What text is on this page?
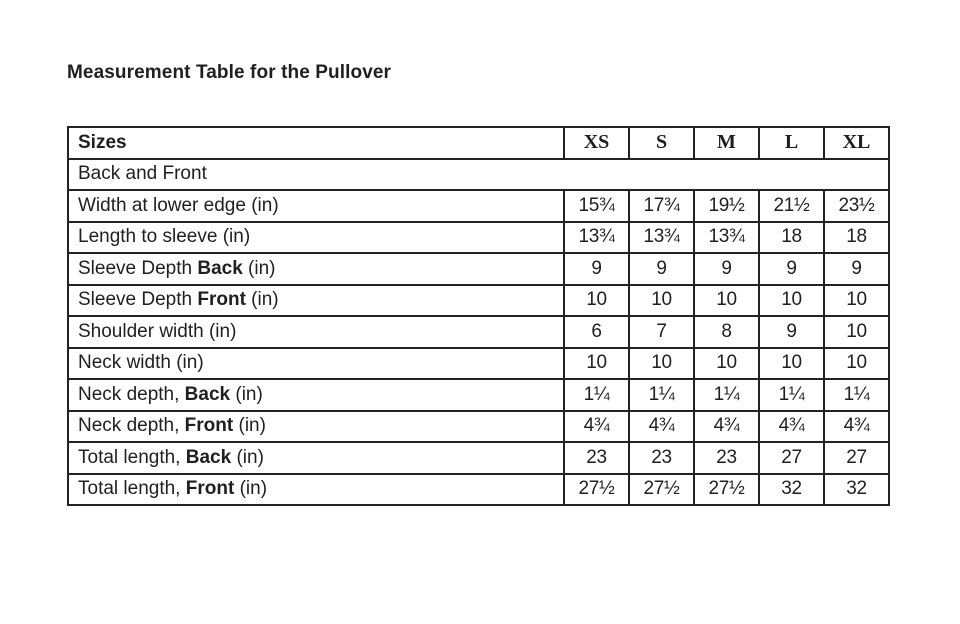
Measurement Table for the Pullover
Sizes	XS	S	M	L	XL
Back and Front					
Width at lower edge (in)	15¾	17¾	19½	21½	23½
Length to sleeve (in)	13¾	13¾	13¾	18	18
Sleeve Depth Back (in)	9	9	9	9	9
Sleeve Depth Front (in)	10	10	10	10	10
Shoulder width (in)	6	7	8	9	10
Neck width (in)	10	10	10	10	10
Neck depth, Back (in)	1¼	1¼	1¼	1¼	1¼
Neck depth, Front (in)	4¾	4¾	4¾	4¾	4¾
Total length, Back (in)	23	23	23	27	27
Total length, Front (in)	27½	27½	27½	32	32
